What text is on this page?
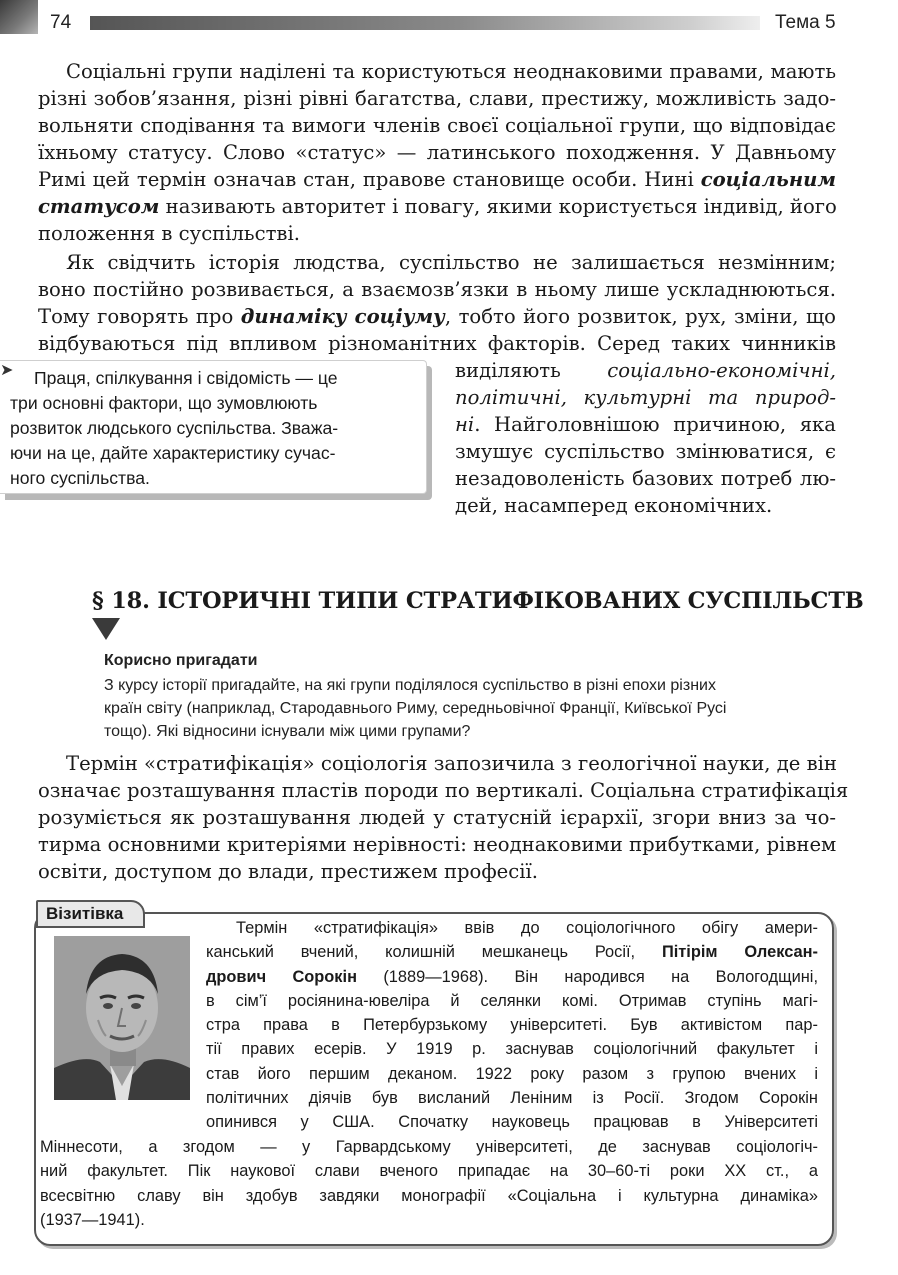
74	Тема 5
Соціальні групи наділені та користуються неоднаковими правами, мають
різні зобов’язання, різні рівні багатства, слави, престижу, можливість задо-
вольняти сподівання та вимоги членів своєї соціальної групи, що відповідає
їхньому статусу. Слово «статус» — латинського походження. У Давньому
Римі цей термін означав стан, правове становище особи. Нині соціальним
статусом називають авторитет і повагу, якими користується індивід, його
положення в суспільстві.
Як свідчить історія людства, суспільство не залишається незмінним;
воно постійно розвивається, а взаємозв’язки в ньому лише ускладнюються.
Тому говорять про динаміку соціуму, тобто його розвиток, рух, зміни, що
відбуваються під впливом різноманітних факторів. Серед таких чинників
виділяють соціально-економічні,
політичні, культурні та природ-
ні. Найголовнішою причиною, яка
змушує суспільство змінюватися, є
незадоволеність базових потреб лю-
дей, насамперед економічних.
➤	Праця, спілкування і свідомість — це
три основні фактори, що зумовлюють
розвиток людського суспільства. Зважа-
ючи на це, дайте характеристику сучас-
ного суспільства.
§ 18. ІСТОРИЧНІ ТИПИ СТРАТИФІКОВАНИХ СУСПІЛЬСТВ
Корисно пригадати
З курсу історії пригадайте, на які групи поділялося суспільство в різні епохи різних
країн світу (наприклад, Стародавнього Риму, середньовічної Франції, Київської Русі
тощо). Які відносини існували між цими групами?
Термін «стратифікація» соціологія запозичила з геологічної науки, де він
означає розташування пластів породи по вертикалі. Соціальна стратифікація
розуміється як розташування людей у статусній ієрархії, згори вниз за чо-
тирма основними критеріями нерівності: неоднаковими прибутками, рівнем
освіти, доступом до влади, престижем професії.
Візитівка
Термін «стратифікація» ввів до соціологічного обігу амери-
канський вчений, колишній мешканець Росії, Пітірім Олексан-
дрович Сорокін (1889—1968). Він народився на Вологодщині,
в сім’ї росіянина-ювеліра й селянки комі. Отримав ступінь магі-
стра права в Петербурзькому університеті. Був активістом пар-
тії правих есерів. У 1919 р. заснував соціологічний факультет і
став його першим деканом. 1922 року разом з групою вчених і
політичних діячів був висланий Леніним із Росії. Згодом Сорокін
опинився у США. Спочатку науковець працював в Університеті
Міннесоти, а згодом — у Гарвардському університеті, де заснував соціологіч-
ний факультет. Пік наукової слави вченого припадає на 30–60-ті роки XX ст., а
всесвітню славу він здобув завдяки монографії «Соціальна і культурна динаміка»
(1937—1941).
